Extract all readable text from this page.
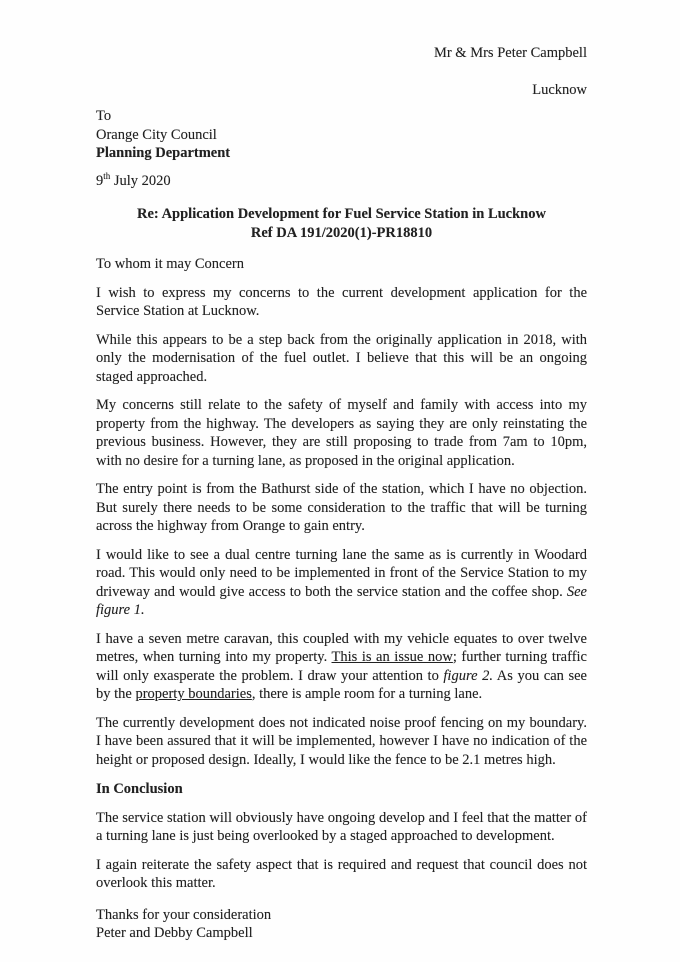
Mr & Mrs Peter Campbell
Lucknow
To
Orange City Council
Planning Department
9th July 2020
Re: Application Development for Fuel Service Station in Lucknow
Ref DA 191/2020(1)-PR18810

To whom it may Concern

I wish to express my concerns to the current development application for the Service Station at Lucknow.

While this appears to be a step back from the originally application in 2018, with only the modernisation of the fuel outlet. I believe that this will be an ongoing staged approached.

My concerns still relate to the safety of myself and family with access into my property from the highway. The developers as saying they are only reinstating the previous business. However, they are still proposing to trade from 7am to 10pm, with no desire for a turning lane, as proposed in the original application.

The entry point is from the Bathurst side of the station, which I have no objection. But surely there needs to be some consideration to the traffic that will be turning across the highway from Orange to gain entry.

I would like to see a dual centre turning lane the same as is currently in Woodard road. This would only need to be implemented in front of the Service Station to my driveway and would give access to both the service station and the coffee shop. See figure 1.

I have a seven metre caravan, this coupled with my vehicle equates to over twelve metres, when turning into my property. This is an issue now; further turning traffic will only exasperate the problem. I draw your attention to figure 2. As you can see by the property boundaries, there is ample room for a turning lane.

The currently development does not indicated noise proof fencing on my boundary. I have been assured that it will be implemented, however I have no indication of the height or proposed design. Ideally, I would like the fence to be 2.1 metres high.

In Conclusion

The service station will obviously have ongoing develop and I feel that the matter of a turning lane is just being overlooked by a staged approached to development.

I again reiterate the safety aspect that is required and request that council does not overlook this matter.

Thanks for your consideration
Peter and Debby Campbell
